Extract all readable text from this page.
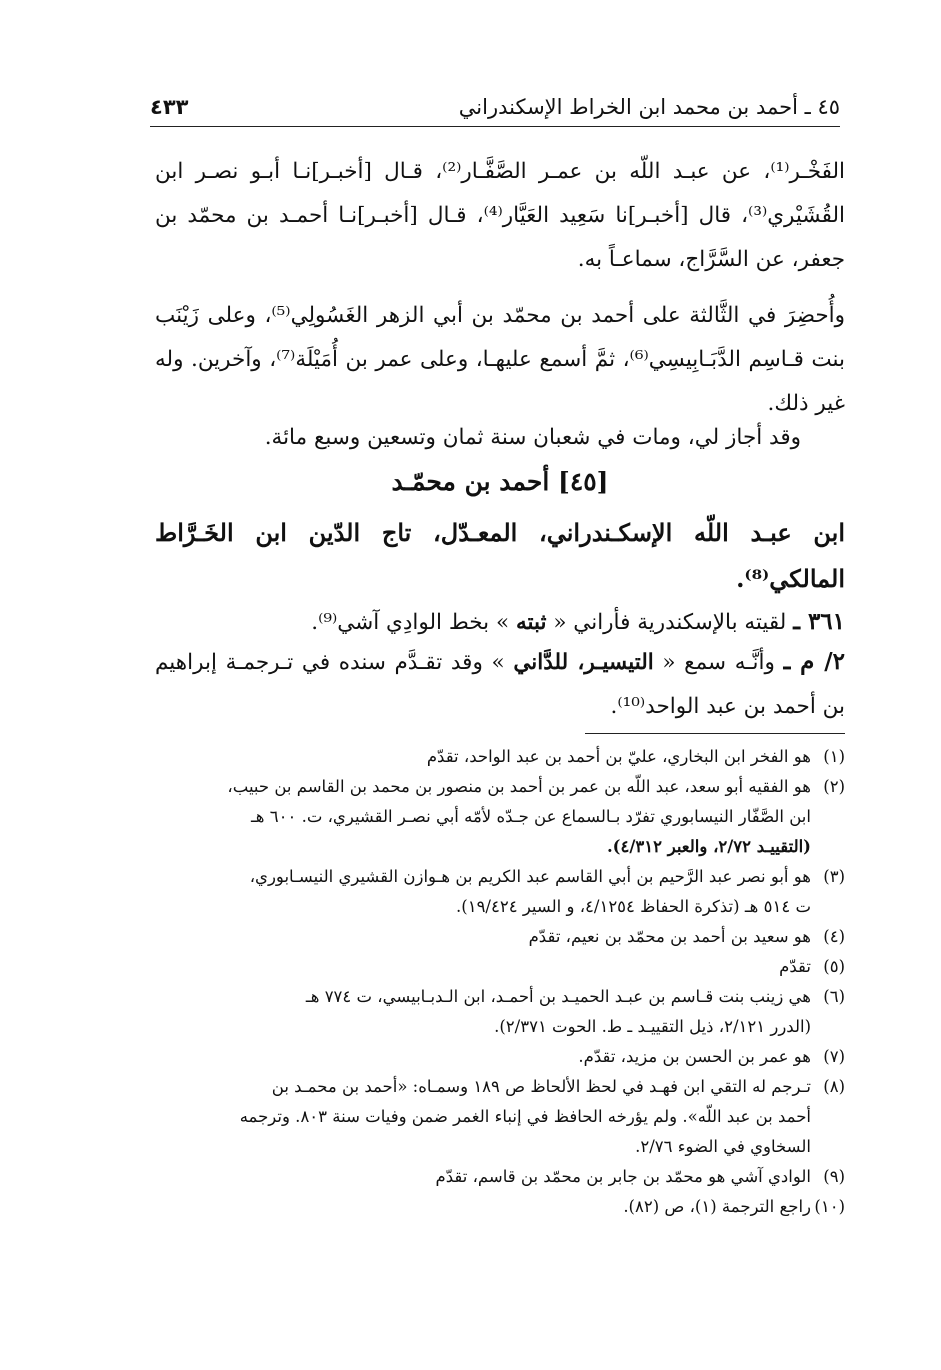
٤٥ ـ أحمد بن محمد ابن الخراط الإسكندراني
٤٣٣
الفَخْـر⁽¹⁾، عن عبـد اللّه بن عمـر الصَّفَّـار⁽²⁾، قـال [أخبـر]نـا أبـو نصـر ابن القُشَيْري⁽³⁾، قال [أخبـر]نا سَعِيد العَيَّار⁽⁴⁾، قـال [أخبـر]نـا أحمـد بن محمّد بن جعفر، عن السَّرَّاج، سماعـاً به.
وأُحضِرَ في الثَّالثة على أحمد بن محمّد بن أبي الزهر الغَسُولِي⁽⁵⁾، وعلى زَيْنَب بنت قـاسِم الدَّبَـابِيسِي⁽⁶⁾، ثمَّ أسمع عليهـا، وعلى عمر بن أُمَيْلَة⁽⁷⁾، وآخرين. وله غير ذلك.
وقد أجاز لي، ومات في شعبان سنة ثمان وتسعين وسبع مائة.
[٤٥] أحمد بن محمّـد
ابن عبـد اللّه الإسكـندراني، المعـدّل، تاج الدّين ابن الخَـرَّاط المالكي⁽⁸⁾.
٣٦١ ـ لقيته بالإسكندرية فأراني « ثبته » بخط الوادِي آشي⁽⁹⁾.
٢/ م ـ وأنَّـه سمع « التيسيـر، للدَّاني » وقد تقـدَّم سنده في تـرجمـة إبراهيم بن أحمد بن عبد الواحد⁽¹⁰⁾.
(١)
هو الفخر ابن البخاري، عليّ بن أحمد بن عبد الواحد، تقدّم
(٢)
هو الفقيه أبو سعد، عبد اللّه بن عمر بن أحمد بن منصور بن محمد بن القاسم بن حبيب،
ابن الصَّفّار النيسابوري تفرّد بـالسماع عن جـدّه لأمّه أبي نصـر القشيري، ت. ٦٠٠ هـ
(التقييـد ٢/٧٢، والعبر ٤/٣١٢).
(٣)
هو أبو نصر عبد الرَّحيم بن أبي القاسم عبد الكريم بن هـوازن القشيري النيسـابوري،
ت ٥١٤ هـ (تذكرة الحفاظ ٤/١٢٥٤، و السير ١٩/٤٢٤).
(٤)
هو سعيد بن أحمد بن محمّد بن نعيم، تقدّم
(٥)
تقدّم
(٦)
هي زينب بنت قـاسم بن عبـد الحميـد بن أحمـد، ابن الـدبـابيسي، ت ٧٧٤ هـ
(الدرر ٢/١٢١، ذيل التقييـد ـ ط. الحوت ٢/٣٧١).
(٧)
هو عمر بن الحسن بن مزيد، تقدّم.
(٨)
تـرجم له التقي ابن فهـد في لحظ الألحاظ ص ١٨٩ وسمـاه: «أحمد بن محمـد بن
أحمد بن عبد اللّه». ولم يؤرخه الحافظ في إنباء الغمر ضمن وفيات سنة ٨٠٣. وترجمه
السخاوي في الضوء ٢/٧٦.
(٩)
الوادي آشي هو محمّد بن جابر بن محمّد بن قاسم، تقدّم
(١٠)
راجع الترجمة (١)، ص (٨٢).
